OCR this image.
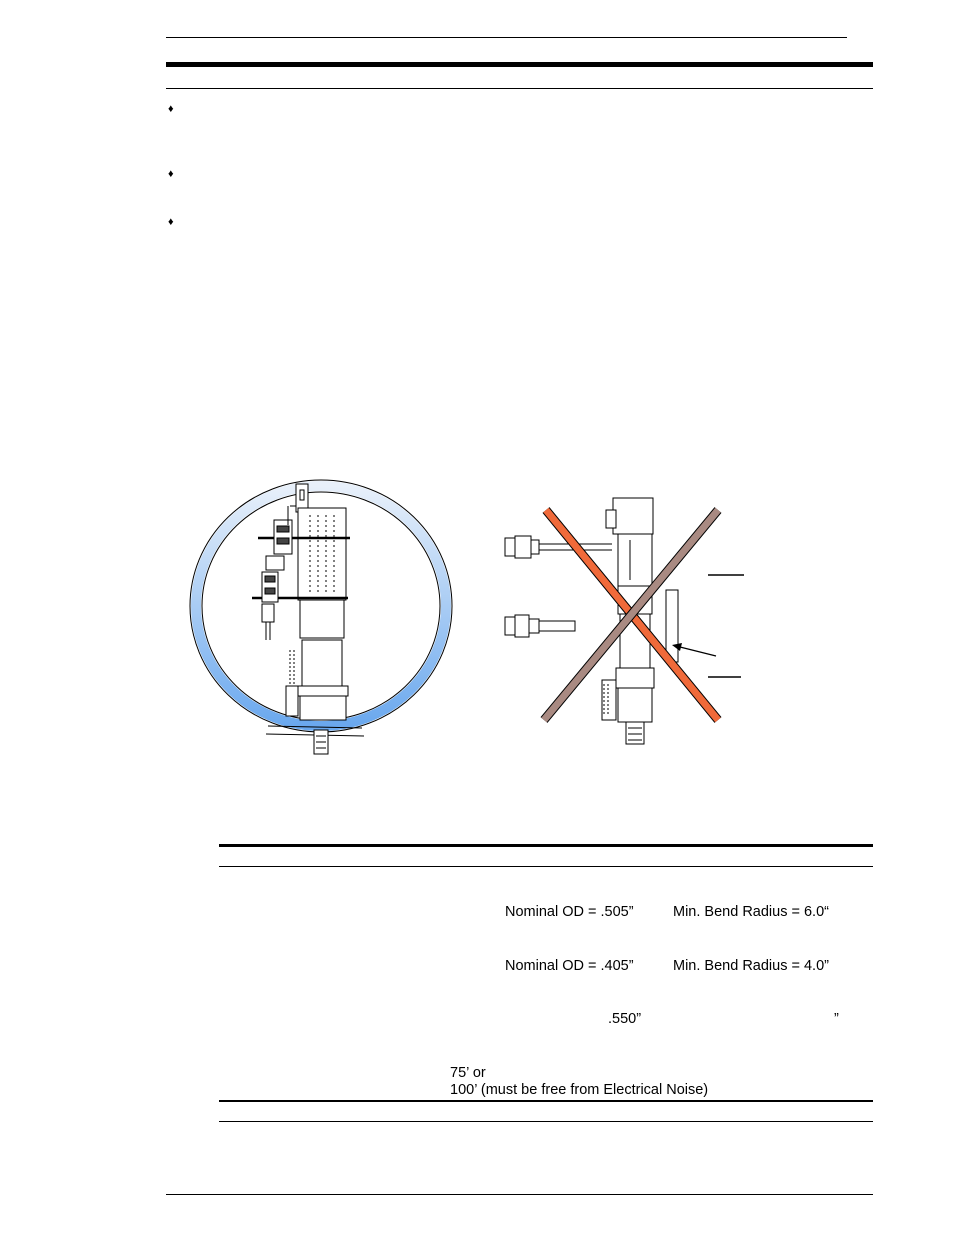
♦
♦
♦
Nominal OD = .505”	Min. Bend Radius = 6.0“
Nominal OD = .405”	Min. Bend Radius = 4.0”
.550”	”
75’ or
100’ (must be free from Electrical Noise)
